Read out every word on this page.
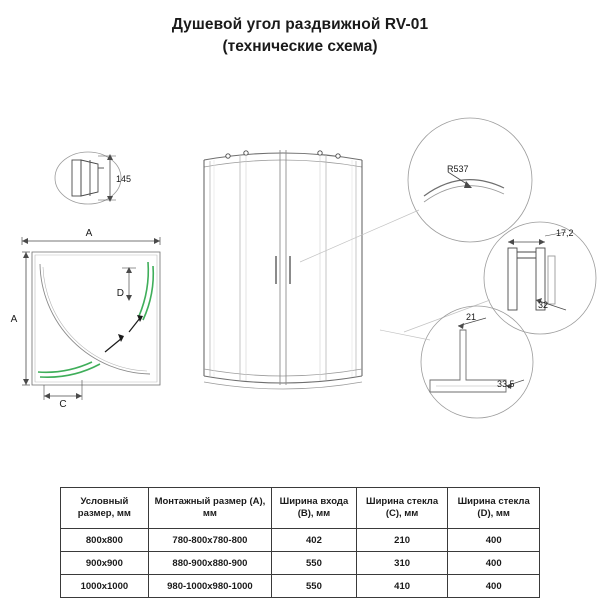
Душевой угол раздвижной RV-01
(технические схема)
145
A
A
C
D
R537
17,2
32
21
33,5
Условный размер, мм	Монтажный размер (A), мм	Ширина входа (B), мм	Ширина стекла (C), мм	Ширина стекла (D), мм
800x800	780-800x780-800	402	210	400
900x900	880-900x880-900	550	310	400
1000x1000	980-1000x980-1000	550	410	400
